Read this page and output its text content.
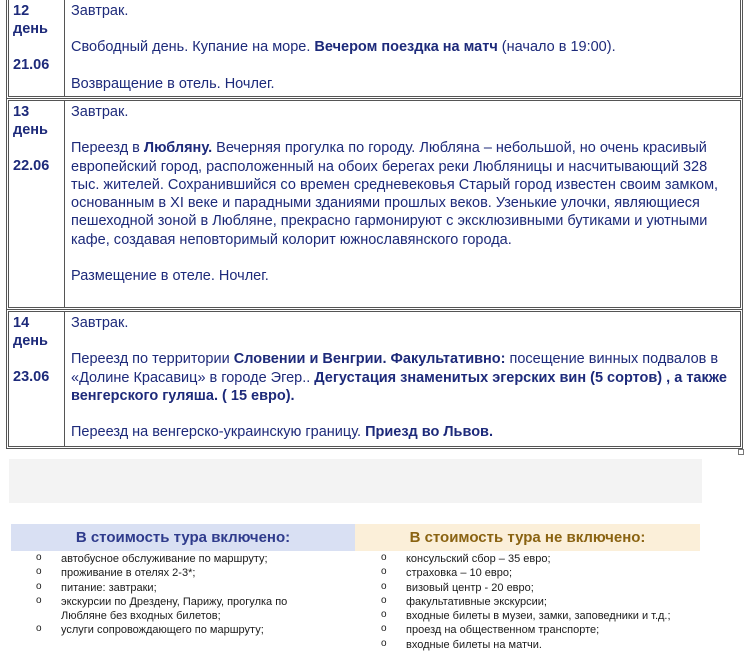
12
день
21.06

Завтрак.

Свободный день. Купание на море. Вечером поездка на матч (начало в 19:00).

Возвращение в отель. Ночлег.

13
день
22.06

Завтрак.

Переезд в Любляну. Вечерняя прогулка по городу. Любляна – небольшой, но очень красивый европейский город, расположенный на обоих берегах реки Любляницы и насчитывающий 328 тыс. жителей. Сохранившийся со времен средневековья Старый город известен своим замком, основанным в XI веке и парадными зданиями прошлых веков. Узенькие улочки, являющиеся пешеходной зоной в Любляне, прекрасно гармонируют с эксклюзивными бутиками и уютными кафе, создавая неповторимый колорит южнославянского города.

Размещение в отеле. Ночлег.

14
день
23.06

Завтрак.

Переезд по территории Словении и Венгрии. Факультативно: посещение винных подвалов в «Долине Красавиц» в городе Эгер.. Дегустация знаменитых эгерских вин (5 сортов) , а также венгерского гуляша. ( 15 евро).

Переезд на венгерско-украинскую границу. Приезд во Львов.

В стоимость тура включено:	В стоимость тура не включено:
o автобусное обслуживание по маршруту;
o проживание в отелях 2-3*;
o питание: завтраки;
o экскурсии по Дрездену, Парижу, прогулка по Любляне без входных билетов;
o услуги сопровождающего по маршруту;
o консульский сбор – 35 евро;
o страховка – 10 евро;
o визовый центр - 20 евро;
o факультативные экскурсии;
o входные билеты в музеи, замки, заповедники и т.д.;
o проезд на общественном транспорте;
o входные билеты на матчи.
